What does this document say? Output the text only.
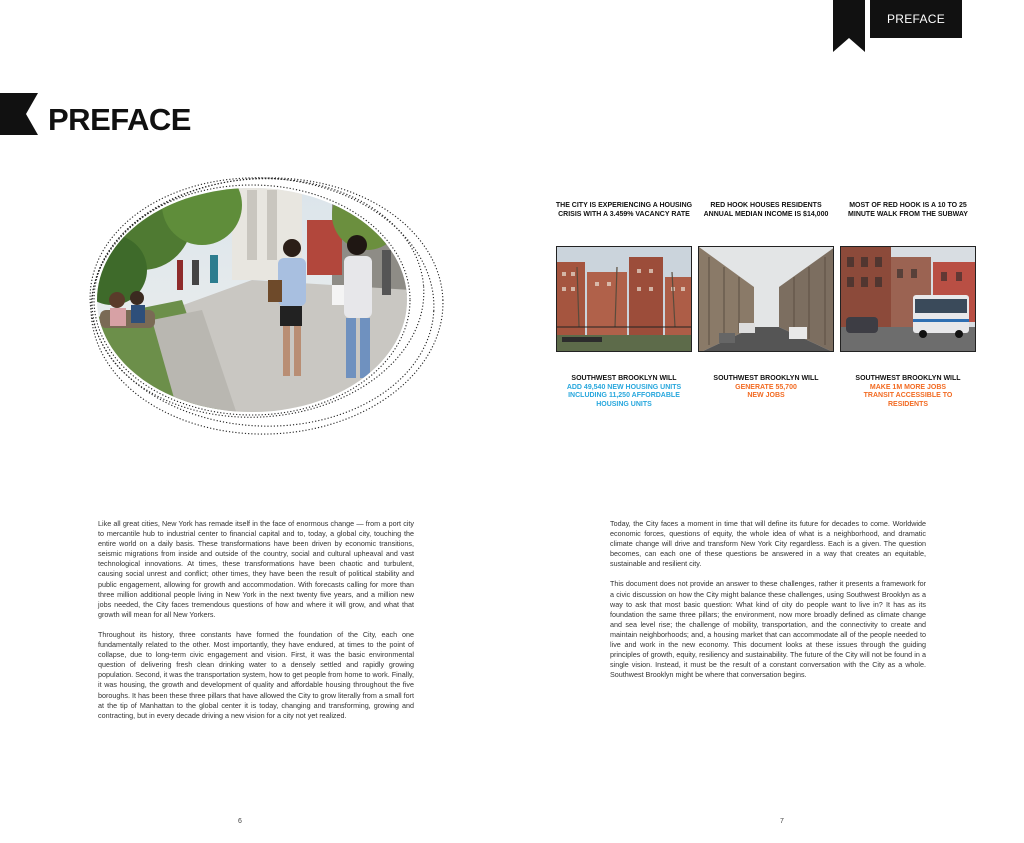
PREFACE
PREFACE
THE CITY IS EXPERIENCING A HOUSING CRISIS WITH A 3.459% VACANCY RATE
RED HOOK HOUSES RESIDENTS ANNUAL MEDIAN INCOME IS $14,000
MOST OF RED HOOK IS A 10 TO 25 MINUTE WALK FROM THE SUBWAY
SOUTHWEST BROOKLYN WILL
ADD 49,540 NEW HOUSING UNITS INCLUDING 11,250 AFFORDABLE HOUSING UNITS
SOUTHWEST BROOKLYN WILL
GENERATE 55,700 NEW JOBS
SOUTHWEST BROOKLYN WILL
MAKE 1M MORE JOBS TRANSIT ACCESSIBLE TO RESIDENTS

Like all great cities, New York has remade itself in the face of enormous change — from a port city to mercantile hub to industrial center to financial capital and to, today, a global city, touching the entire world on a daily basis. These transformations have been driven by economic transitions, seismic migrations from inside and outside of the country, social and cultural upheaval and vast technological innovations. At times, these transformations have been chaotic and turbulent, causing social unrest and conflict; other times, they have been the result of political stability and public engagement, allowing for growth and accommodation. With forecasts calling for more than three million additional people living in New York in the next twenty five years, and a million new jobs needed, the City faces tremendous questions of how and where it will grow, and what that growth will mean for all New Yorkers.

Throughout its history, three constants have formed the foundation of the City, each one fundamentally related to the other. Most importantly, they have endured, at times to the point of collapse, due to long-term civic engagement and vision. First, it was the basic environmental question of delivering fresh clean drinking water to a densely settled and rapidly growing population. Second, it was the transportation system, how to get people from home to work. Finally, it was housing, the growth and development of quality and affordable housing throughout the five boroughs. It has been these three pillars that have allowed the City to grow literally from a small fort at the tip of Manhattan to the global center it is today, changing and transforming, growing and contracting, but in every decade driving a new vision for a city not yet realized.

Today, the City faces a moment in time that will define its future for decades to come. Worldwide economic forces, questions of equity, the whole idea of what is a neighborhood, and dramatic climate change will drive and transform New York City regardless. Each is a given. The question becomes, can each one of these questions be answered in a way that creates an equitable, sustainable and resilient city.

This document does not provide an answer to these challenges, rather it presents a framework for a civic discussion on how the City might balance these challenges, using Southwest Brooklyn as a way to ask that most basic question: What kind of city do people want to live in? It has as its foundation the same three pillars; the environment, now more broadly defined as climate change and sea level rise; the challenge of mobility, transportation, and the connectivity to create and maintain neighborhoods; and, a housing market that can accommodate all of the people needed to live and work in the new economy. This document looks at these issues through the guiding principles of growth, equity, resiliency and sustainability. The future of the City will not be found in a single vision. Instead, it must be the result of a constant conversation with the City as a whole. Southwest Brooklyn might be where that conversation begins.

6	7
